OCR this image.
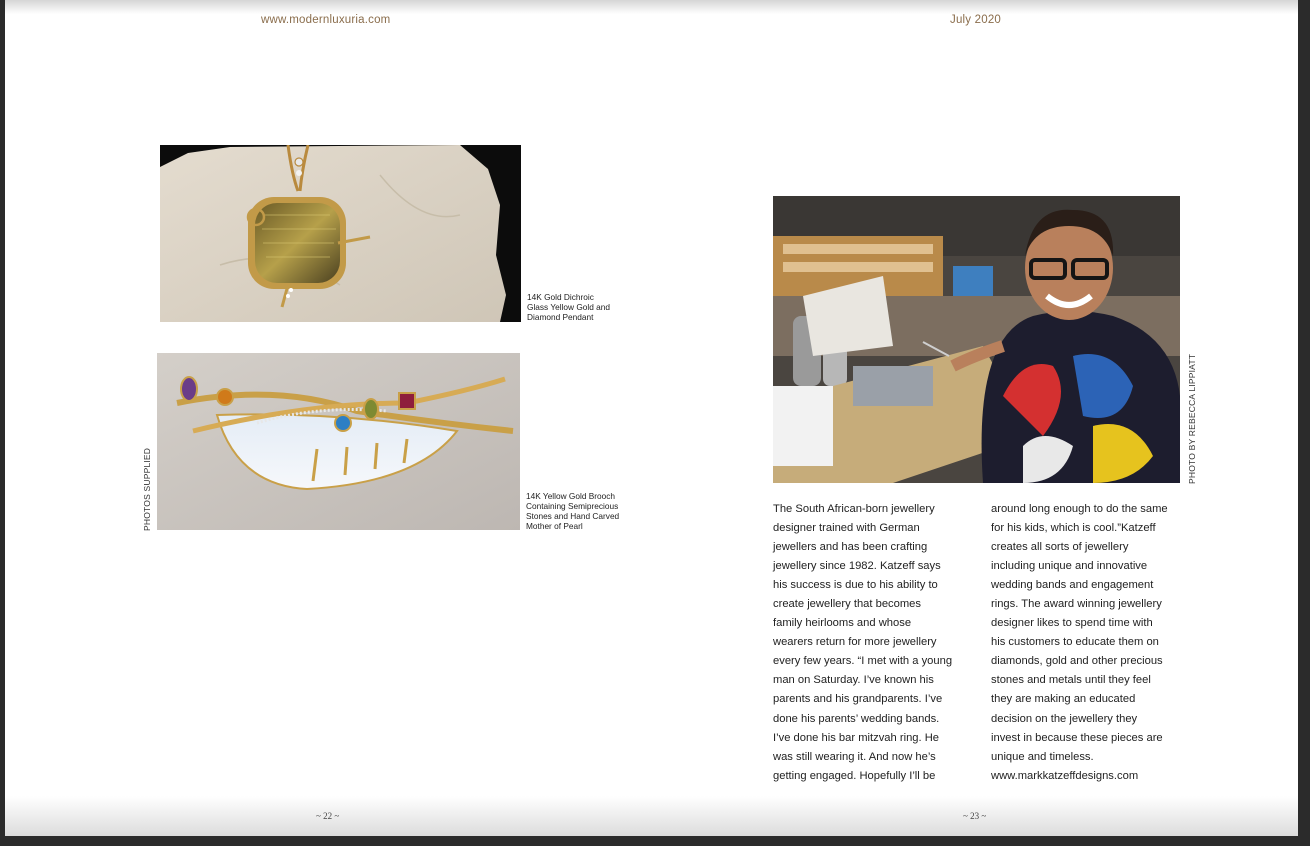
www.modernluxuria.com	July 2020
14K Gold Dichroic
Glass Yellow Gold and
Diamond Pendant
14K Yellow Gold Brooch
Containing Semiprecious
Stones and Hand Carved
Mother of Pearl
PHOTOS SUPPLIED
~ 22 ~
PHOTO BY REBECCA LIPPIATT
The South African-born jewellery
designer trained with German
jewellers and has been crafting
jewellery since 1982. Katzeff says
his success is due to his ability to
create jewellery that becomes
family heirlooms and whose
wearers return for more jewellery
every few years. “I met with a young
man on Saturday. I’ve known his
parents and his grandparents. I’ve
done his parents’ wedding bands.
I’ve done his bar mitzvah ring. He
was still wearing it. And now he’s
getting engaged. Hopefully I’ll be
around long enough to do the same
for his kids, which is cool.”Katzeff
creates all sorts of jewellery
including unique and innovative
wedding bands and engagement
rings. The award winning jewellery
designer likes to spend time with
his customers to educate them on
diamonds, gold and other precious
stones and metals until they feel
they are making an educated
decision on the jewellery they
invest in because these pieces are
unique and timeless.
www.markkatzeffdesigns.com
~ 23 ~
